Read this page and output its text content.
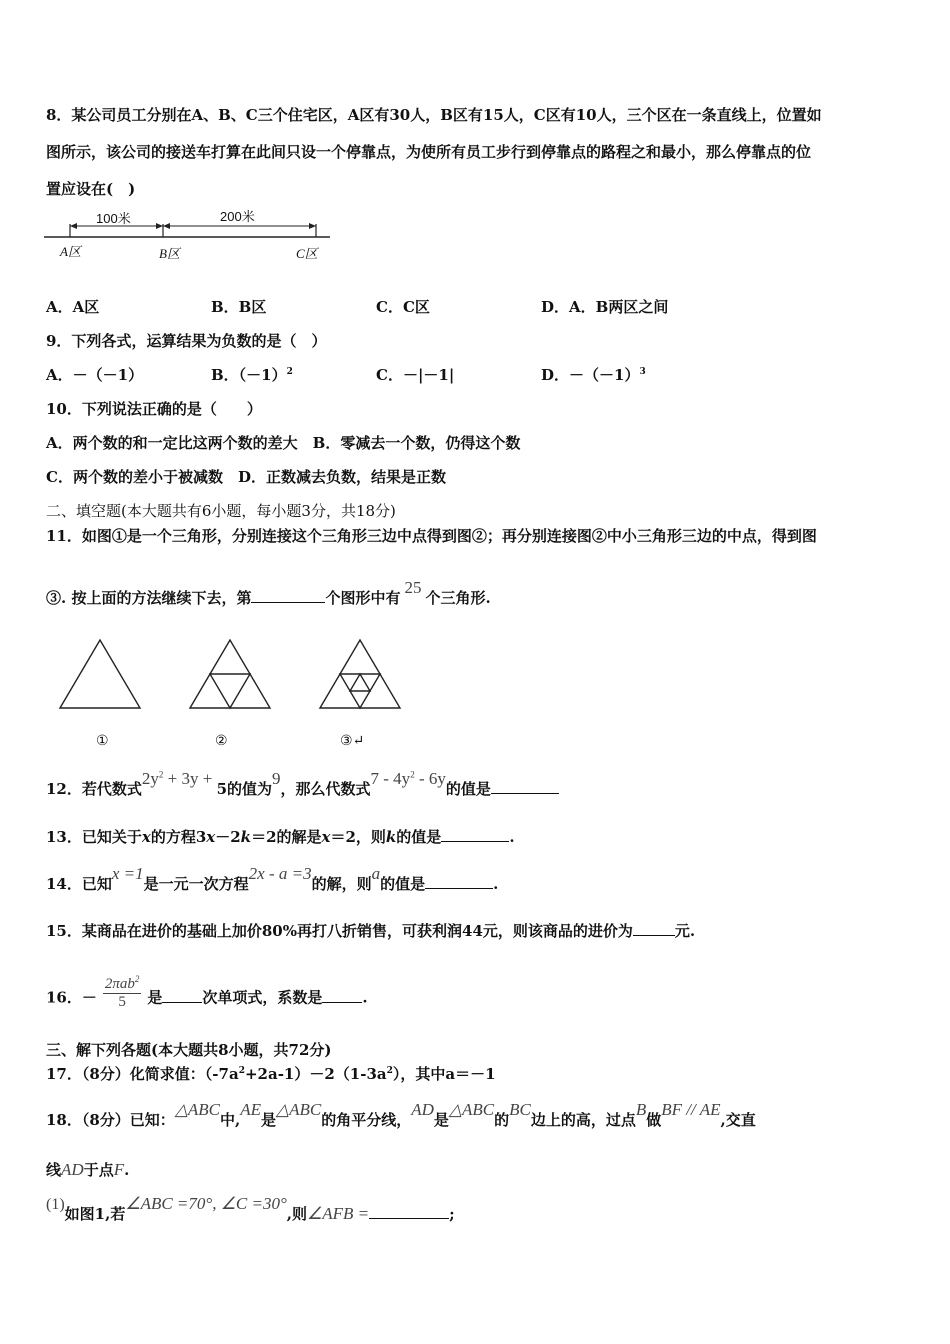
8．某公司员工分别在A、B、C三个住宅区，A区有30人，B区有15人，C区有10人，三个区在一条直线上，位置如
图所示，该公司的接送车打算在此间只设一个停靠点，为使所有员工步行到停靠点的路程之和最小，那么停靠点的位
置应设在(　)
100米	200米
A区	B区	C区
A．A区	B．B区	C．C区	D．A．B两区之间
9．下列各式，运算结果为负数的是（　）
A．－（－1）	B．$(-1)^2$	C．－|－1|	D．$-(-1)^3$
10．下列说法正确的是（　　）
A．两个数的和一定比这两个数的差大　B．零减去一个数，仍得这个数
C．两个数的差小于被减数　D．正数减去负数，结果是正数
二、填空题(本大题共有6小题，每小题3分，共18分)
11．如图①是一个三角形，分别连接这个三角形三边中点得到图②；再分别连接图②中小三角形三边的中点，得到图
③. 按上面的方法继续下去，第	个图形中有25个三角形.
①	②	③↵
12．若代数式$2y^2 + 3y + 5$的值为9，那么代数式$7 - 4y^2 - 6y$的值是
13．已知关于x的方程3x－2k＝2的解是x＝2，则k的值是	.
14．已知x =1是一元一次方程2x - a =3的解，则a的值是	.
15．某商品在进价的基础上加价80%再打八折销售，可获利润44元，则该商品的进价为	元.
16．－
2πab$^2$
5	是	次单项式，系数是	.
三、解下列各题(本大题共8小题，共72分)
17．（8分）化简求值：$(-7a^2+2a-1)-2(1-3a^2)$，其中a＝－1
18．（8分）已知：△ABC中,AE是△ABC的角平分线，AD是△ABC的BC边上的高，过点B做BF // AE,交直
线AD于点F.
(1)如图1,若∠ABC =70°, ∠C =30°,则∠AFB =	;
